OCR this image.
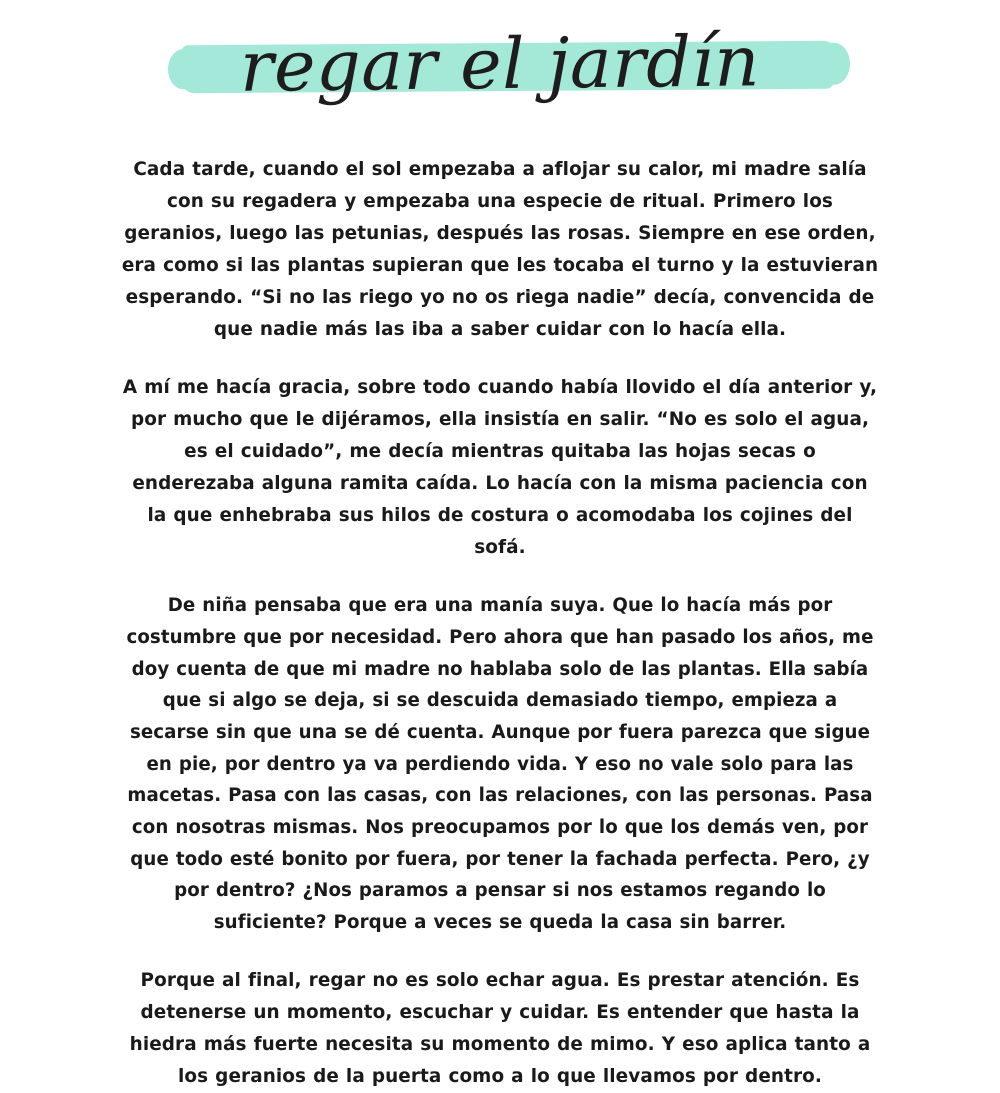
regar el jardín

Cada tarde, cuando el sol empezaba a aflojar su calor, mi madre salía con su regadera y empezaba una especie de ritual. Primero los geranios, luego las petunias, después las rosas. Siempre en ese orden, era como si las plantas supieran que les tocaba el turno y la estuvieran esperando. “Si no las riego yo no os riega nadie” decía, convencida de que nadie más las iba a saber cuidar con lo hacía ella.

A mí me hacía gracia, sobre todo cuando había llovido el día anterior y, por mucho que le dijéramos, ella insistía en salir. “No es solo el agua, es el cuidado”, me decía mientras quitaba las hojas secas o enderezaba alguna ramita caída. Lo hacía con la misma paciencia con la que enhebraba sus hilos de costura o acomodaba los cojines del sofá.

De niña pensaba que era una manía suya. Que lo hacía más por costumbre que por necesidad. Pero ahora que han pasado los años, me doy cuenta de que mi madre no hablaba solo de las plantas. Ella sabía que si algo se deja, si se descuida demasiado tiempo, empieza a secarse sin que una se dé cuenta. Aunque por fuera parezca que sigue en pie, por dentro ya va perdiendo vida. Y eso no vale solo para las macetas. Pasa con las casas, con las relaciones, con las personas. Pasa con nosotras mismas. Nos preocupamos por lo que los demás ven, por que todo esté bonito por fuera, por tener la fachada perfecta. Pero, ¿y por dentro? ¿Nos paramos a pensar si nos estamos regando lo suficiente? Porque a veces se queda la casa sin barrer.

Porque al final, regar no es solo echar agua. Es prestar atención. Es detenerse un momento, escuchar y cuidar. Es entender que hasta la hiedra más fuerte necesita su momento de mimo. Y eso aplica tanto a los geranios de la puerta como a lo que llevamos por dentro.
